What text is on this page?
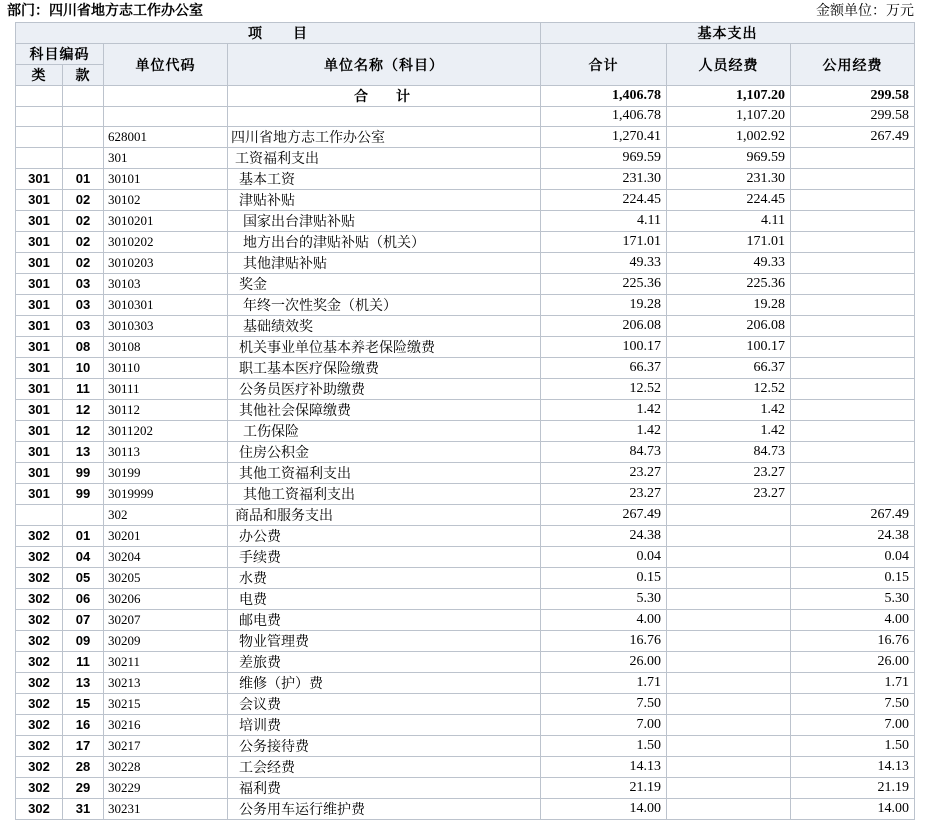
部门：四川省地方志工作办公室	金额单位：万元
项　　目				基本支出		
科目编码		单位代码	单位名称（科目）	合计	人员经费	公用经费
类	款					
			合　　计	1,406.78	1,107.20	299.58
				1,406.78	1,107.20	299.58
		628001	四川省地方志工作办公室	1,270.41	1,002.92	267.49
		301	工资福利支出	969.59	969.59	
301	01	30101	基本工资	231.30	231.30	
301	02	30102	津贴补贴	224.45	224.45	
301	02	3010201	国家出台津贴补贴	4.11	4.11	
301	02	3010202	地方出台的津贴补贴（机关）	171.01	171.01	
301	02	3010203	其他津贴补贴	49.33	49.33	
301	03	30103	奖金	225.36	225.36	
301	03	3010301	年终一次性奖金（机关）	19.28	19.28	
301	03	3010303	基础绩效奖	206.08	206.08	
301	08	30108	机关事业单位基本养老保险缴费	100.17	100.17	
301	10	30110	职工基本医疗保险缴费	66.37	66.37	
301	11	30111	公务员医疗补助缴费	12.52	12.52	
301	12	30112	其他社会保障缴费	1.42	1.42	
301	12	3011202	工伤保险	1.42	1.42	
301	13	30113	住房公积金	84.73	84.73	
301	99	30199	其他工资福利支出	23.27	23.27	
301	99	3019999	其他工资福利支出	23.27	23.27	
		302	商品和服务支出	267.49		267.49
302	01	30201	办公费	24.38		24.38
302	04	30204	手续费	0.04		0.04
302	05	30205	水费	0.15		0.15
302	06	30206	电费	5.30		5.30
302	07	30207	邮电费	4.00		4.00
302	09	30209	物业管理费	16.76		16.76
302	11	30211	差旅费	26.00		26.00
302	13	30213	维修（护）费	1.71		1.71
302	15	30215	会议费	7.50		7.50
302	16	30216	培训费	7.00		7.00
302	17	30217	公务接待费	1.50		1.50
302	28	30228	工会经费	14.13		14.13
302	29	30229	福利费	21.19		21.19
302	31	30231	公务用车运行维护费	14.00		14.00
